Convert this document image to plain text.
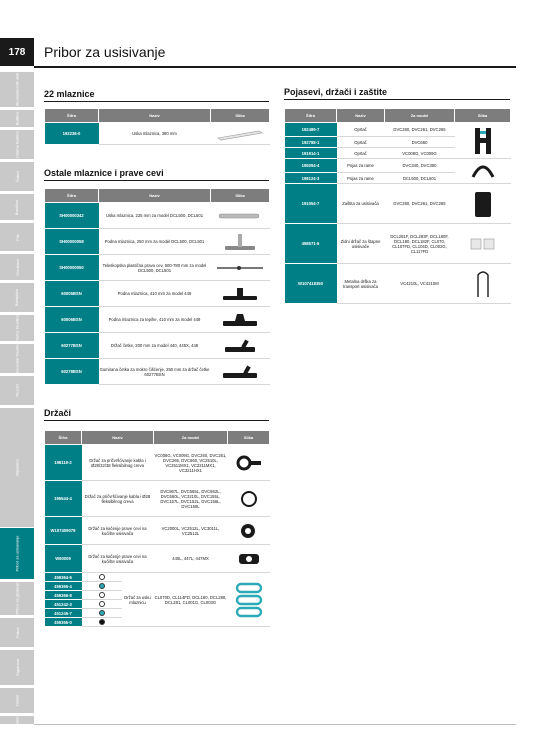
Akumulatorski alati
Bušilice
Udarne bušilice
Čekići
Brusilice
Pile
Glodalice
Blanjalice
Tračne brusilice
Ekscentar brusilice
Rezači
Miješalice
Pribor za usisavanje
Pribor za glodanje
Pribor
Sigurnost
Ostalo
Indeks
178	Pribor za usisivanje
22 mlaznice
Šifra	Naziv	Slika
192236-0	Uska mlaznica, 380 mm	
Ostale mlaznice i prave cevi
Šifra	Naziv	Slika
SH00000342	Uska mlaznica, 225 mm za model DCL500, DCL501	

SH00000058	Podna mlaznica, 250 mm za model DCL500, DCL501	

SH00000050	Teleskopska plastična prava cev, 500-780 mm za model DCL500, DCL501	

60005BSN	Podna mlaznica, 410 mm za model 449	

60006BSN	Podna mlaznica za tepihe, 410 mm za model 449	

60277BSN	Držač četke, 200 mm za model 440, 445X, 448	

60278BSN	Gumirana četka za mokro čišćenje, 250 mm za držač četke 60277BSN	
Pojasevi, držači i zaštite
Šifra	Naziv	Za model	Slika
192489-7	Oprtač	DVC260, DVC261, DVC265	

192788-1	Oprtač	DVC660	
191914-1	Oprtač	VC008G, VC009G	
195094-4	Pojas za rame	DVC340, DVC350	

198124-3	Pojas za rame	DCL500, DCL501	
191054-7	Zaštita za usisivača	DVC260, DVC261, DVC265	

458571-5	Zidni držač za štapne usisivače	DCL281F, DCL283F, DCL180F, DCL180, DCL182F, CL070, CL107FD, CL104D, CL002G, CL117FD	

W107418350	Metalna drška za transport usisivača	VC4210L, VC4210M	
Držači
Šifra	Naziv		Za model	Slika
198119-2	Držač za pričvršćivanje kabla i Ø28/32/38 fleksibilnog creva		VC008G, VC009G, DVC260, DVC261, DVC265, DVC660, VC2510L, VC2511MX1, VC3211MX1, VC3211HX1	

195544-4	Držač za pričvršćivanje kabla i Ø28 fleksibilnog creva		DVC867L, DVC665L, DVC862L, DVC660L, VC3210L, DVC155L, DVC157L, DVC152L, DVC156L, DVC150L	

W107409079	Držač za kačenje prave cevi na kućište usisivača		VC2000L, VC2512L, VC3011L, VC2512L	

W60009	Držač za kačenje prave cevi na kućište usisivača		440L, 447L, 447MX	

459364-6		Držač za usku mlaznicu	CL070D, CL114FD, DCL180, DCL280, DCL281, CL001G, CL003G	

459365-4				
459366-8				
451242-3				
451245-7				
459365-0				
